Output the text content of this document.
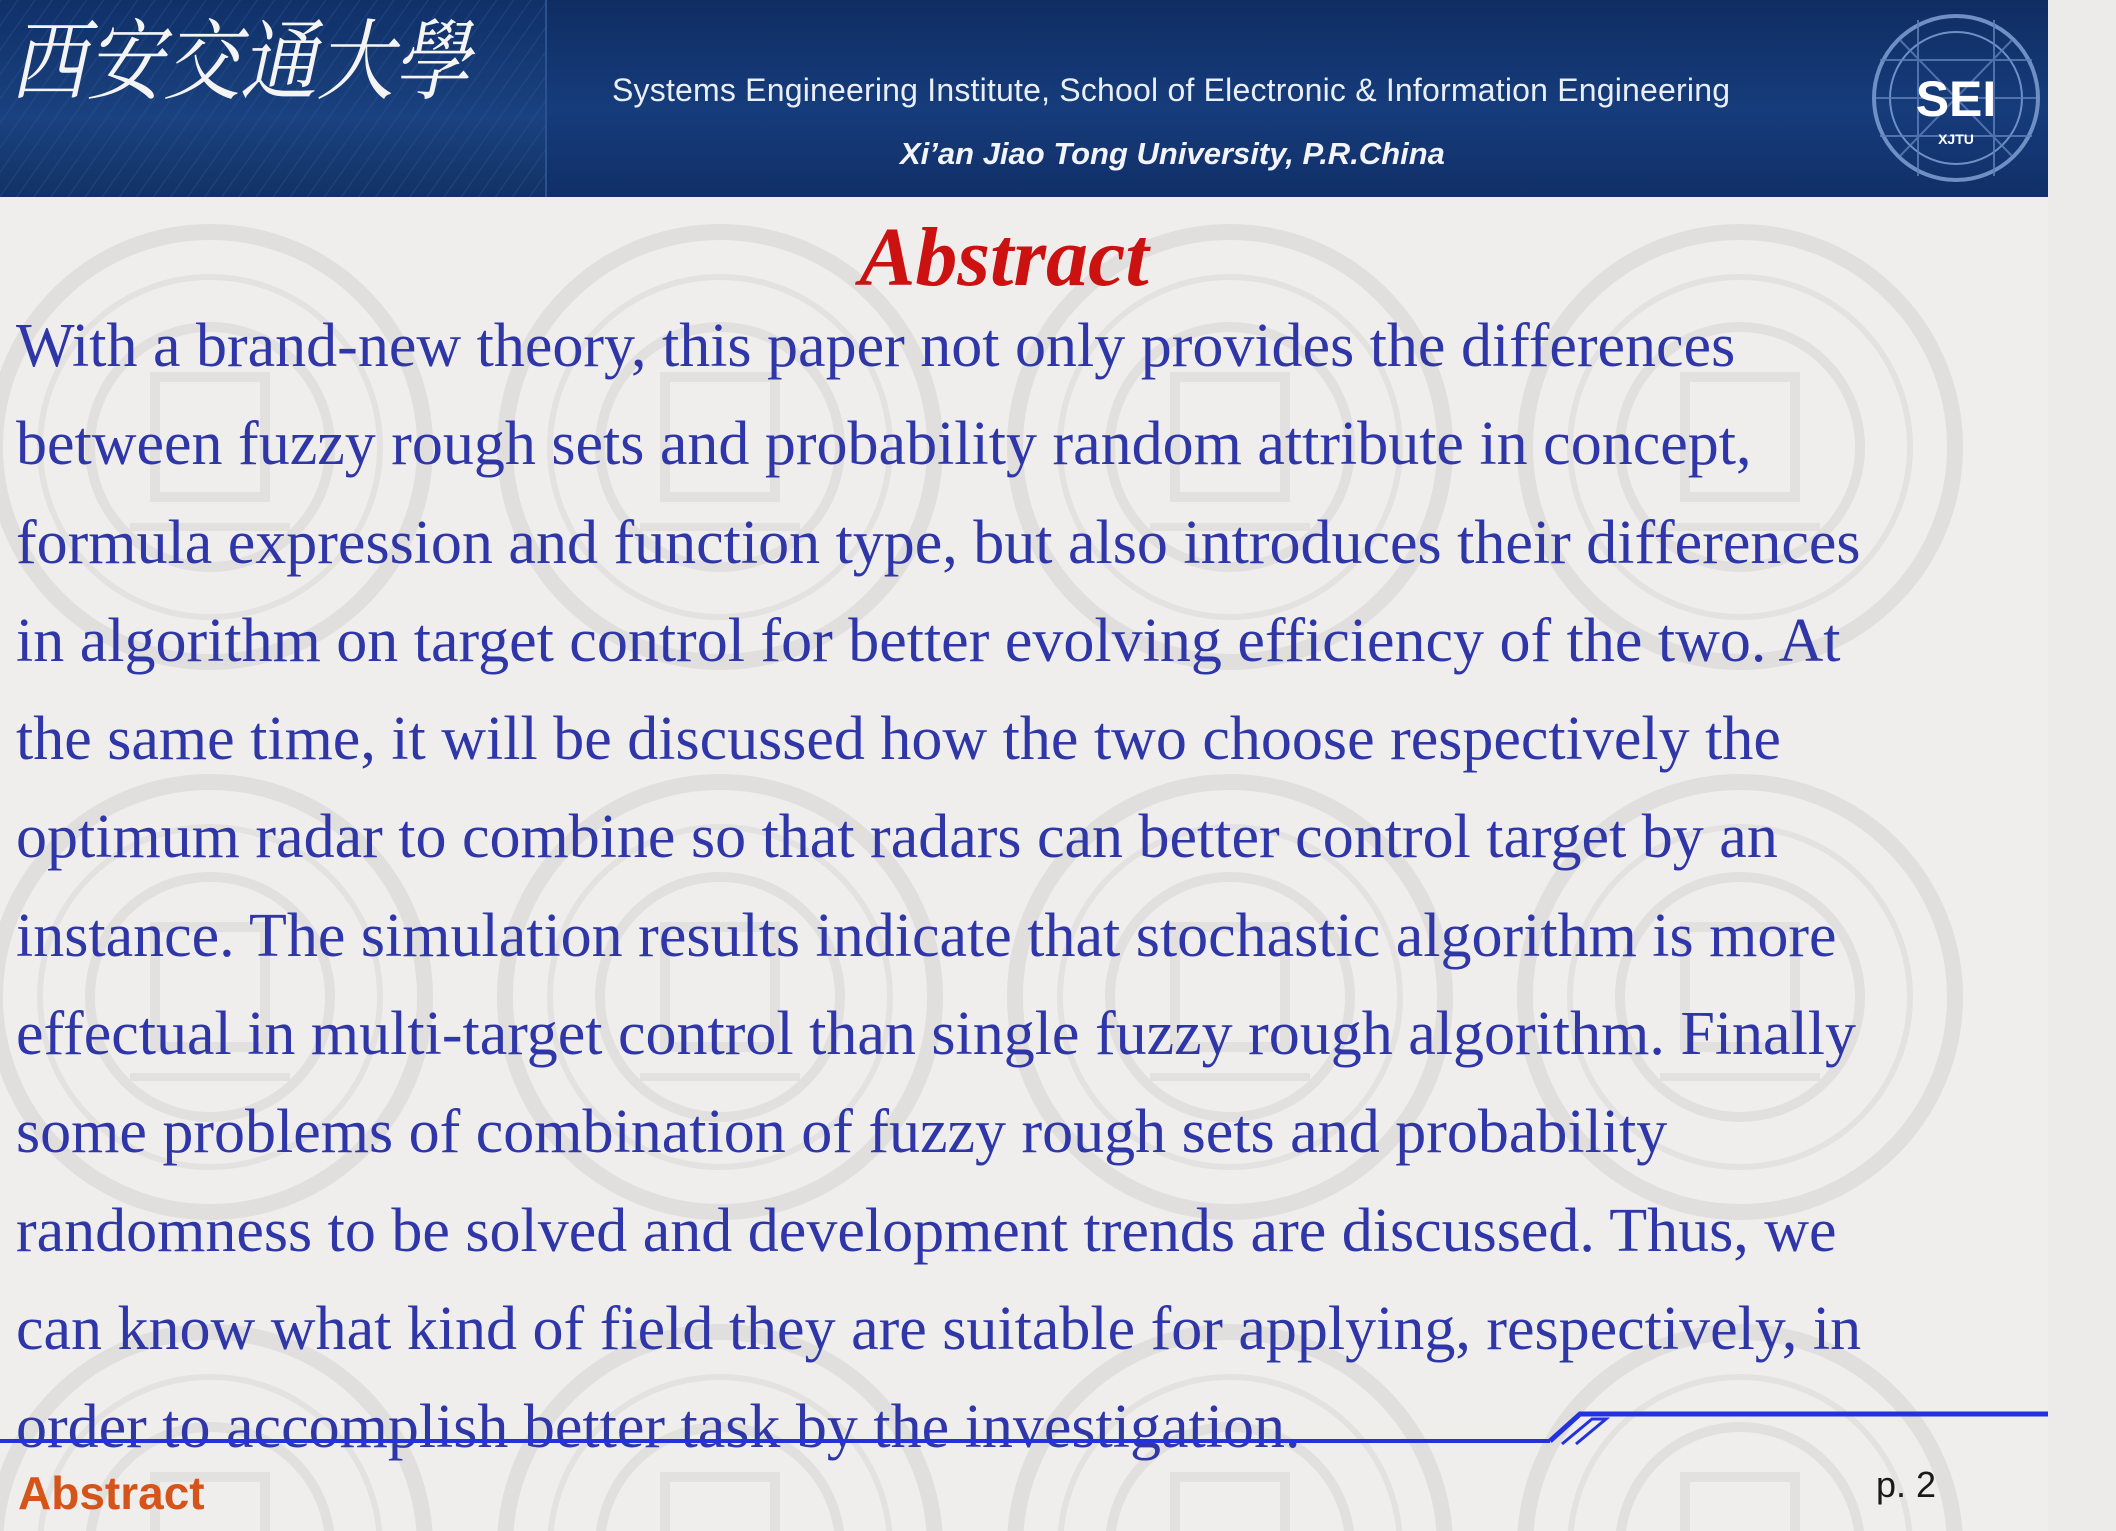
西安交通大學	Systems Engineering Institute, School of Electronic & Information Engineering
Xi’an Jiao Tong University, P.R.China
SEI
XJTU
Abstract
With a brand-new theory, this paper not only provides the differences
between fuzzy rough sets and probability random attribute in concept,
formula expression and function type, but also introduces their differences
in algorithm on target control for better evolving efficiency of the two. At
the same time, it will be discussed how the two choose respectively the
optimum radar to combine so that radars can better control target by an
instance. The simulation results indicate that stochastic algorithm is more
effectual in multi-target control than single fuzzy rough algorithm. Finally
some problems of combination of fuzzy rough sets and probability
randomness to be solved and development trends are discussed. Thus, we
can know what kind of field they are suitable for applying, respectively, in
order to accomplish better task by the investigation.
Abstract	p. 2
